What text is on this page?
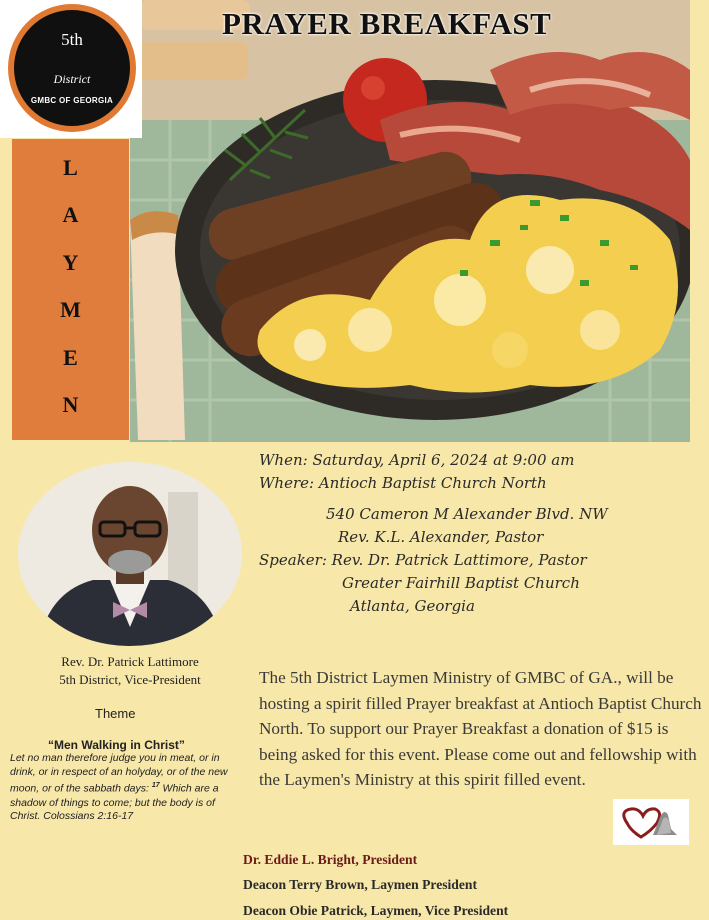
PRAYER BREAKFAST
5th
District
GMBC OF GEORGIA
L
A
Y
M
E
N
Rev. Dr. Patrick Lattimore
5th District, Vice-President
Theme
“Men Walking in Christ”
Let no man therefore judge you in meat, or in drink, or in respect of an holyday, or of the new moon, or of the sabbath days: $^{17}$ Which are a shadow of things to come; but the body is of Christ. Colossians 2:16-17
When: Saturday, April 6, 2024 at 9:00 am
Where: Antioch Baptist Church North
540 Cameron M Alexander Blvd. NW
Rev. K.L. Alexander, Pastor
Speaker: Rev. Dr. Patrick Lattimore, Pastor
Greater Fairhill Baptist Church
Atlanta, Georgia
The 5th District Laymen Ministry of GMBC of GA., will be hosting a spirit filled Prayer breakfast at Antioch Baptist Church North. To support our Prayer Breakfast a donation of $15 is being asked for this event. Please come out and fellowship with the Laymen's Ministry at this spirit filled event.
Dr. Eddie L. Bright, President
Deacon Terry Brown, Laymen President
Deacon Obie Patrick, Laymen, Vice President
